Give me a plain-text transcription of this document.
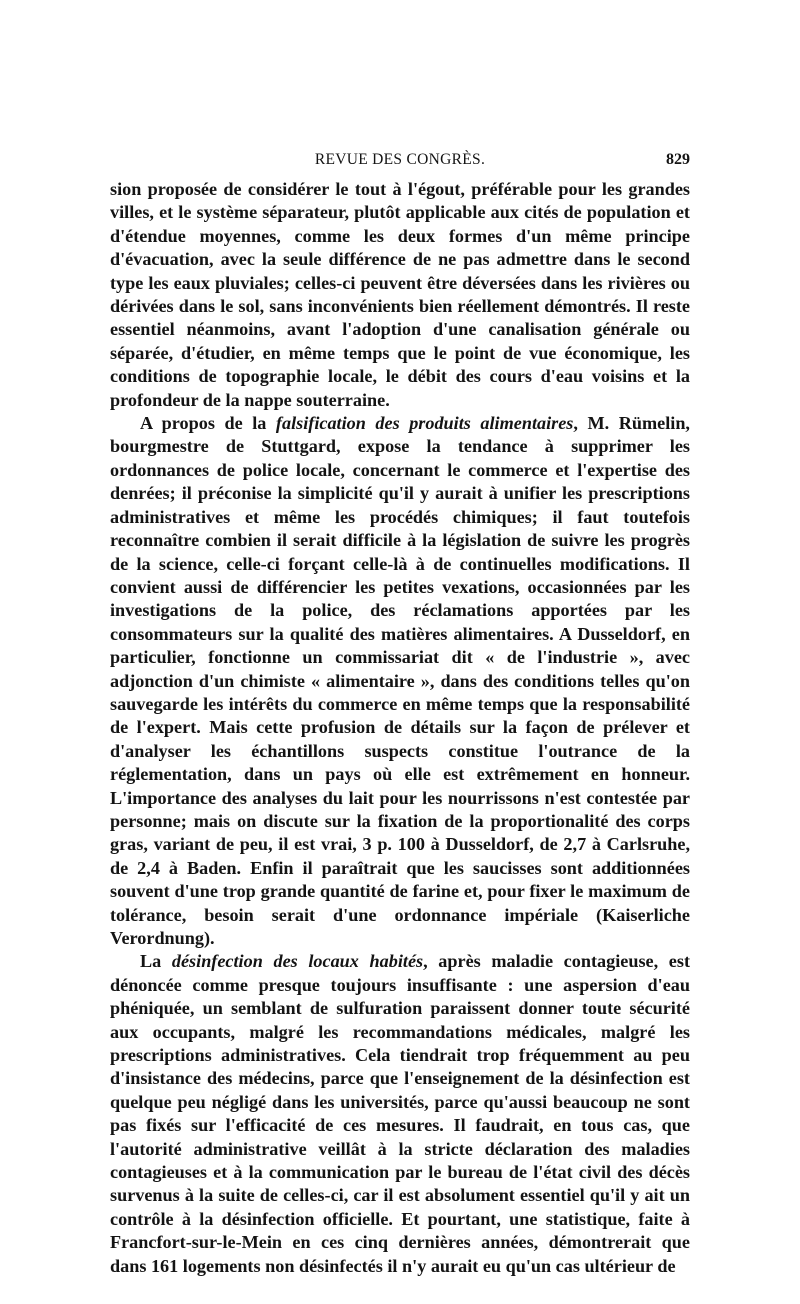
REVUE DES CONGRÈS.	829

sion proposée de considérer le tout à l'égout, préférable pour les grandes villes, et le système séparateur, plutôt applicable aux cités de population et d'étendue moyennes, comme les deux formes d'un même principe d'évacuation, avec la seule différence de ne pas admettre dans le second type les eaux pluviales; celles-ci peuvent être déversées dans les rivières ou dérivées dans le sol, sans inconvénients bien réellement démontrés. Il reste essentiel néanmoins, avant l'adoption d'une canalisation générale ou séparée, d'étudier, en même temps que le point de vue économique, les conditions de topographie locale, le débit des cours d'eau voisins et la profondeur de la nappe souterraine.

A propos de la falsification des produits alimentaires, M. Rümelin, bourgmestre de Stuttgard, expose la tendance à supprimer les ordonnances de police locale, concernant le commerce et l'expertise des denrées; il préconise la simplicité qu'il y aurait à unifier les prescriptions administratives et même les procédés chimiques; il faut toutefois reconnaître combien il serait difficile à la législation de suivre les progrès de la science, celle-ci forçant celle-là à de continuelles modifications. Il convient aussi de différencier les petites vexations, occasionnées par les investigations de la police, des réclamations apportées par les consommateurs sur la qualité des matières alimentaires. A Dusseldorf, en particulier, fonctionne un commissariat dit « de l'industrie », avec adjonction d'un chimiste « alimentaire », dans des conditions telles qu'on sauvegarde les intérêts du commerce en même temps que la responsabilité de l'expert. Mais cette profusion de détails sur la façon de prélever et d'analyser les échantillons suspects constitue l'outrance de la réglementation, dans un pays où elle est extrêmement en honneur. L'importance des analyses du lait pour les nourrissons n'est contestée par personne; mais on discute sur la fixation de la proportionalité des corps gras, variant de peu, il est vrai, 3 p. 100 à Dusseldorf, de 2,7 à Carlsruhe, de 2,4 à Baden. Enfin il paraîtrait que les saucisses sont additionnées souvent d'une trop grande quantité de farine et, pour fixer le maximum de tolérance, besoin serait d'une ordonnance impériale (Kaiserliche Verordnung).

La désinfection des locaux habités, après maladie contagieuse, est dénoncée comme presque toujours insuffisante : une aspersion d'eau phéniquée, un semblant de sulfuration paraissent donner toute sécurité aux occupants, malgré les recommandations médicales, malgré les prescriptions administratives. Cela tiendrait trop fréquemment au peu d'insistance des médecins, parce que l'enseignement de la désinfection est quelque peu négligé dans les universités, parce qu'aussi beaucoup ne sont pas fixés sur l'efficacité de ces mesures. Il faudrait, en tous cas, que l'autorité administrative veillât à la stricte déclaration des maladies contagieuses et à la communication par le bureau de l'état civil des décès survenus à la suite de celles-ci, car il est absolument essentiel qu'il y ait un contrôle à la désinfection officielle. Et pourtant, une statistique, faite à Francfort-sur-le-Mein en ces cinq dernières années, démontrerait que dans 161 logements non désinfectés il n'y aurait eu qu'un cas ultérieur de
